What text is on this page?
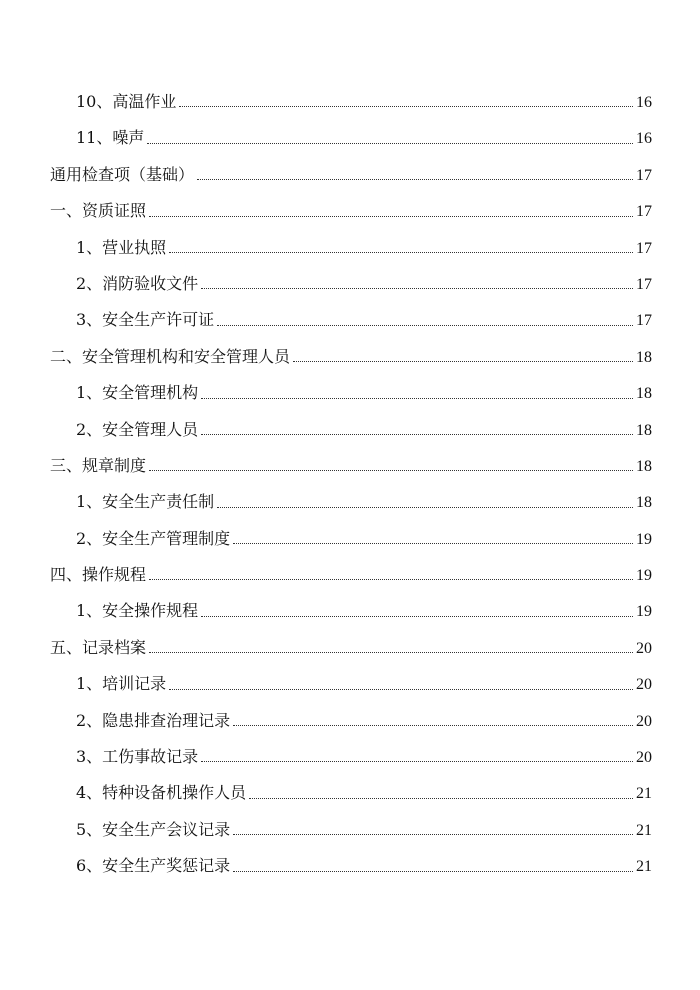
10、高温作业	16
11、噪声	16
通用检查项（基础）	17
一、资质证照	17
1、营业执照	17
2、消防验收文件	17
3、安全生产许可证	17
二、安全管理机构和安全管理人员	18
1、安全管理机构	18
2、安全管理人员	18
三、规章制度	18
1、安全生产责任制	18
2、安全生产管理制度	19
四、操作规程	19
1、安全操作规程	19
五、记录档案	20
1、培训记录	20
2、隐患排查治理记录	20
3、工伤事故记录	20
4、特种设备机操作人员	21
5、安全生产会议记录	21
6、安全生产奖惩记录	21
